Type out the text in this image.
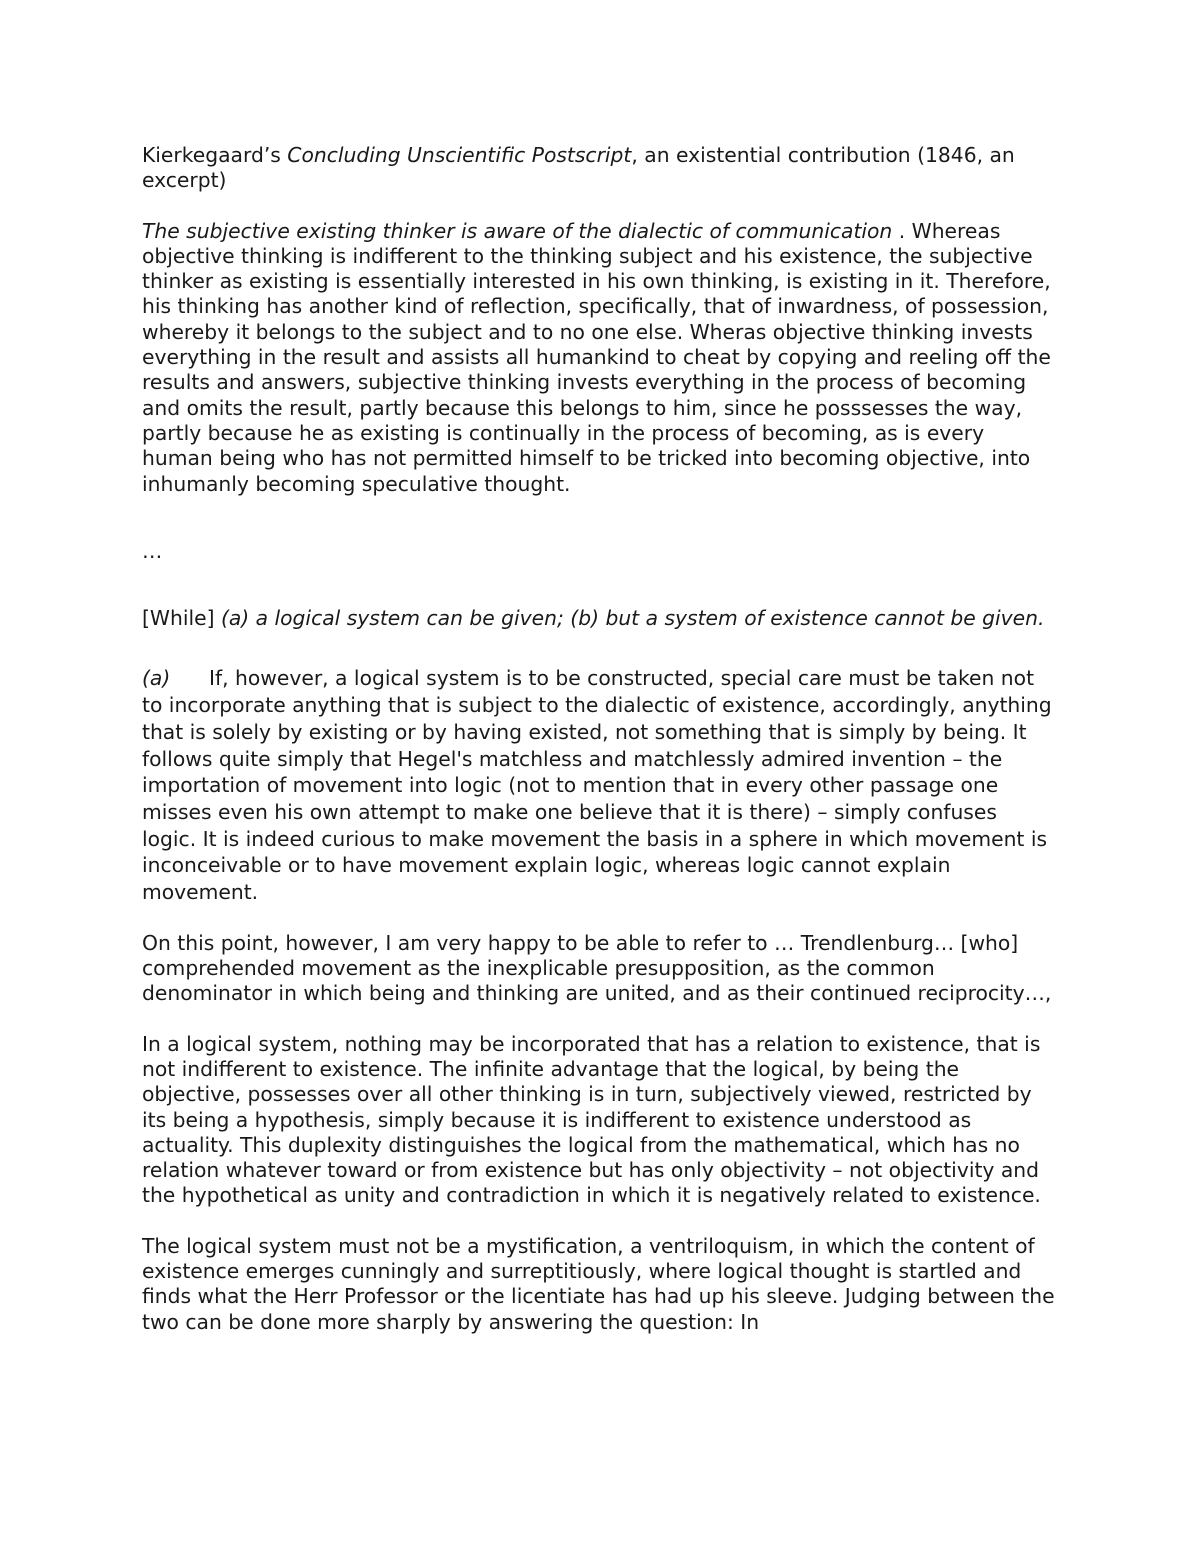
Kierkegaard’s Concluding Unscientific Postscript, an existential contribution (1846, an excerpt)

The subjective existing thinker is aware of the dialectic of communication . Whereas objective thinking is indifferent to the thinking subject and his existence, the subjective thinker as existing is essentially interested in his own thinking, is existing in it. Therefore, his thinking has another kind of reflection, specifically, that of inwardness, of possession, whereby it belongs to the subject and to no one else. Wheras objective thinking invests everything in the result and assists all humankind to cheat by copying and reeling off the results and answers, subjective thinking invests everything in the process of becoming and omits the result, partly because this belongs to him, since he posssesses the way, partly because he as existing is continually in the process of becoming, as is every human being who has not permitted himself to be tricked into becoming objective, into inhumanly becoming speculative thought.

…

[While] (a) a logical system can be given; (b) but a system of existence cannot be given.

(a) If, however, a logical system is to be constructed, special care must be taken not to incorporate anything that is subject to the dialectic of existence, accordingly, anything that is solely by existing or by having existed, not something that is simply by being. It follows quite simply that Hegel's matchless and matchlessly admired invention – the importation of movement into logic (not to mention that in every other passage one misses even his own attempt to make one believe that it is there) – simply confuses logic. It is indeed curious to make movement the basis in a sphere in which movement is inconceivable or to have movement explain logic, whereas logic cannot explain movement.

On this point, however, I am very happy to be able to refer to … Trendlenburg… [who] comprehended movement as the inexplicable presupposition, as the common denominator in which being and thinking are united, and as their continued reciprocity…,

In a logical system, nothing may be incorporated that has a relation to existence, that is not indifferent to existence. The infinite advantage that the logical, by being the objective, possesses over all other thinking is in turn, subjectively viewed, restricted by its being a hypothesis, simply because it is indifferent to existence understood as actuality. This duplexity distinguishes the logical from the mathematical, which has no relation whatever toward or from existence but has only objectivity – not objectivity and the hypothetical as unity and contradiction in which it is negatively related to existence.

The logical system must not be a mystification, a ventriloquism, in which the content of existence emerges cunningly and surreptitiously, where logical thought is startled and finds what the Herr Professor or the licentiate has had up his sleeve. Judging between the two can be done more sharply by answering the question: In
